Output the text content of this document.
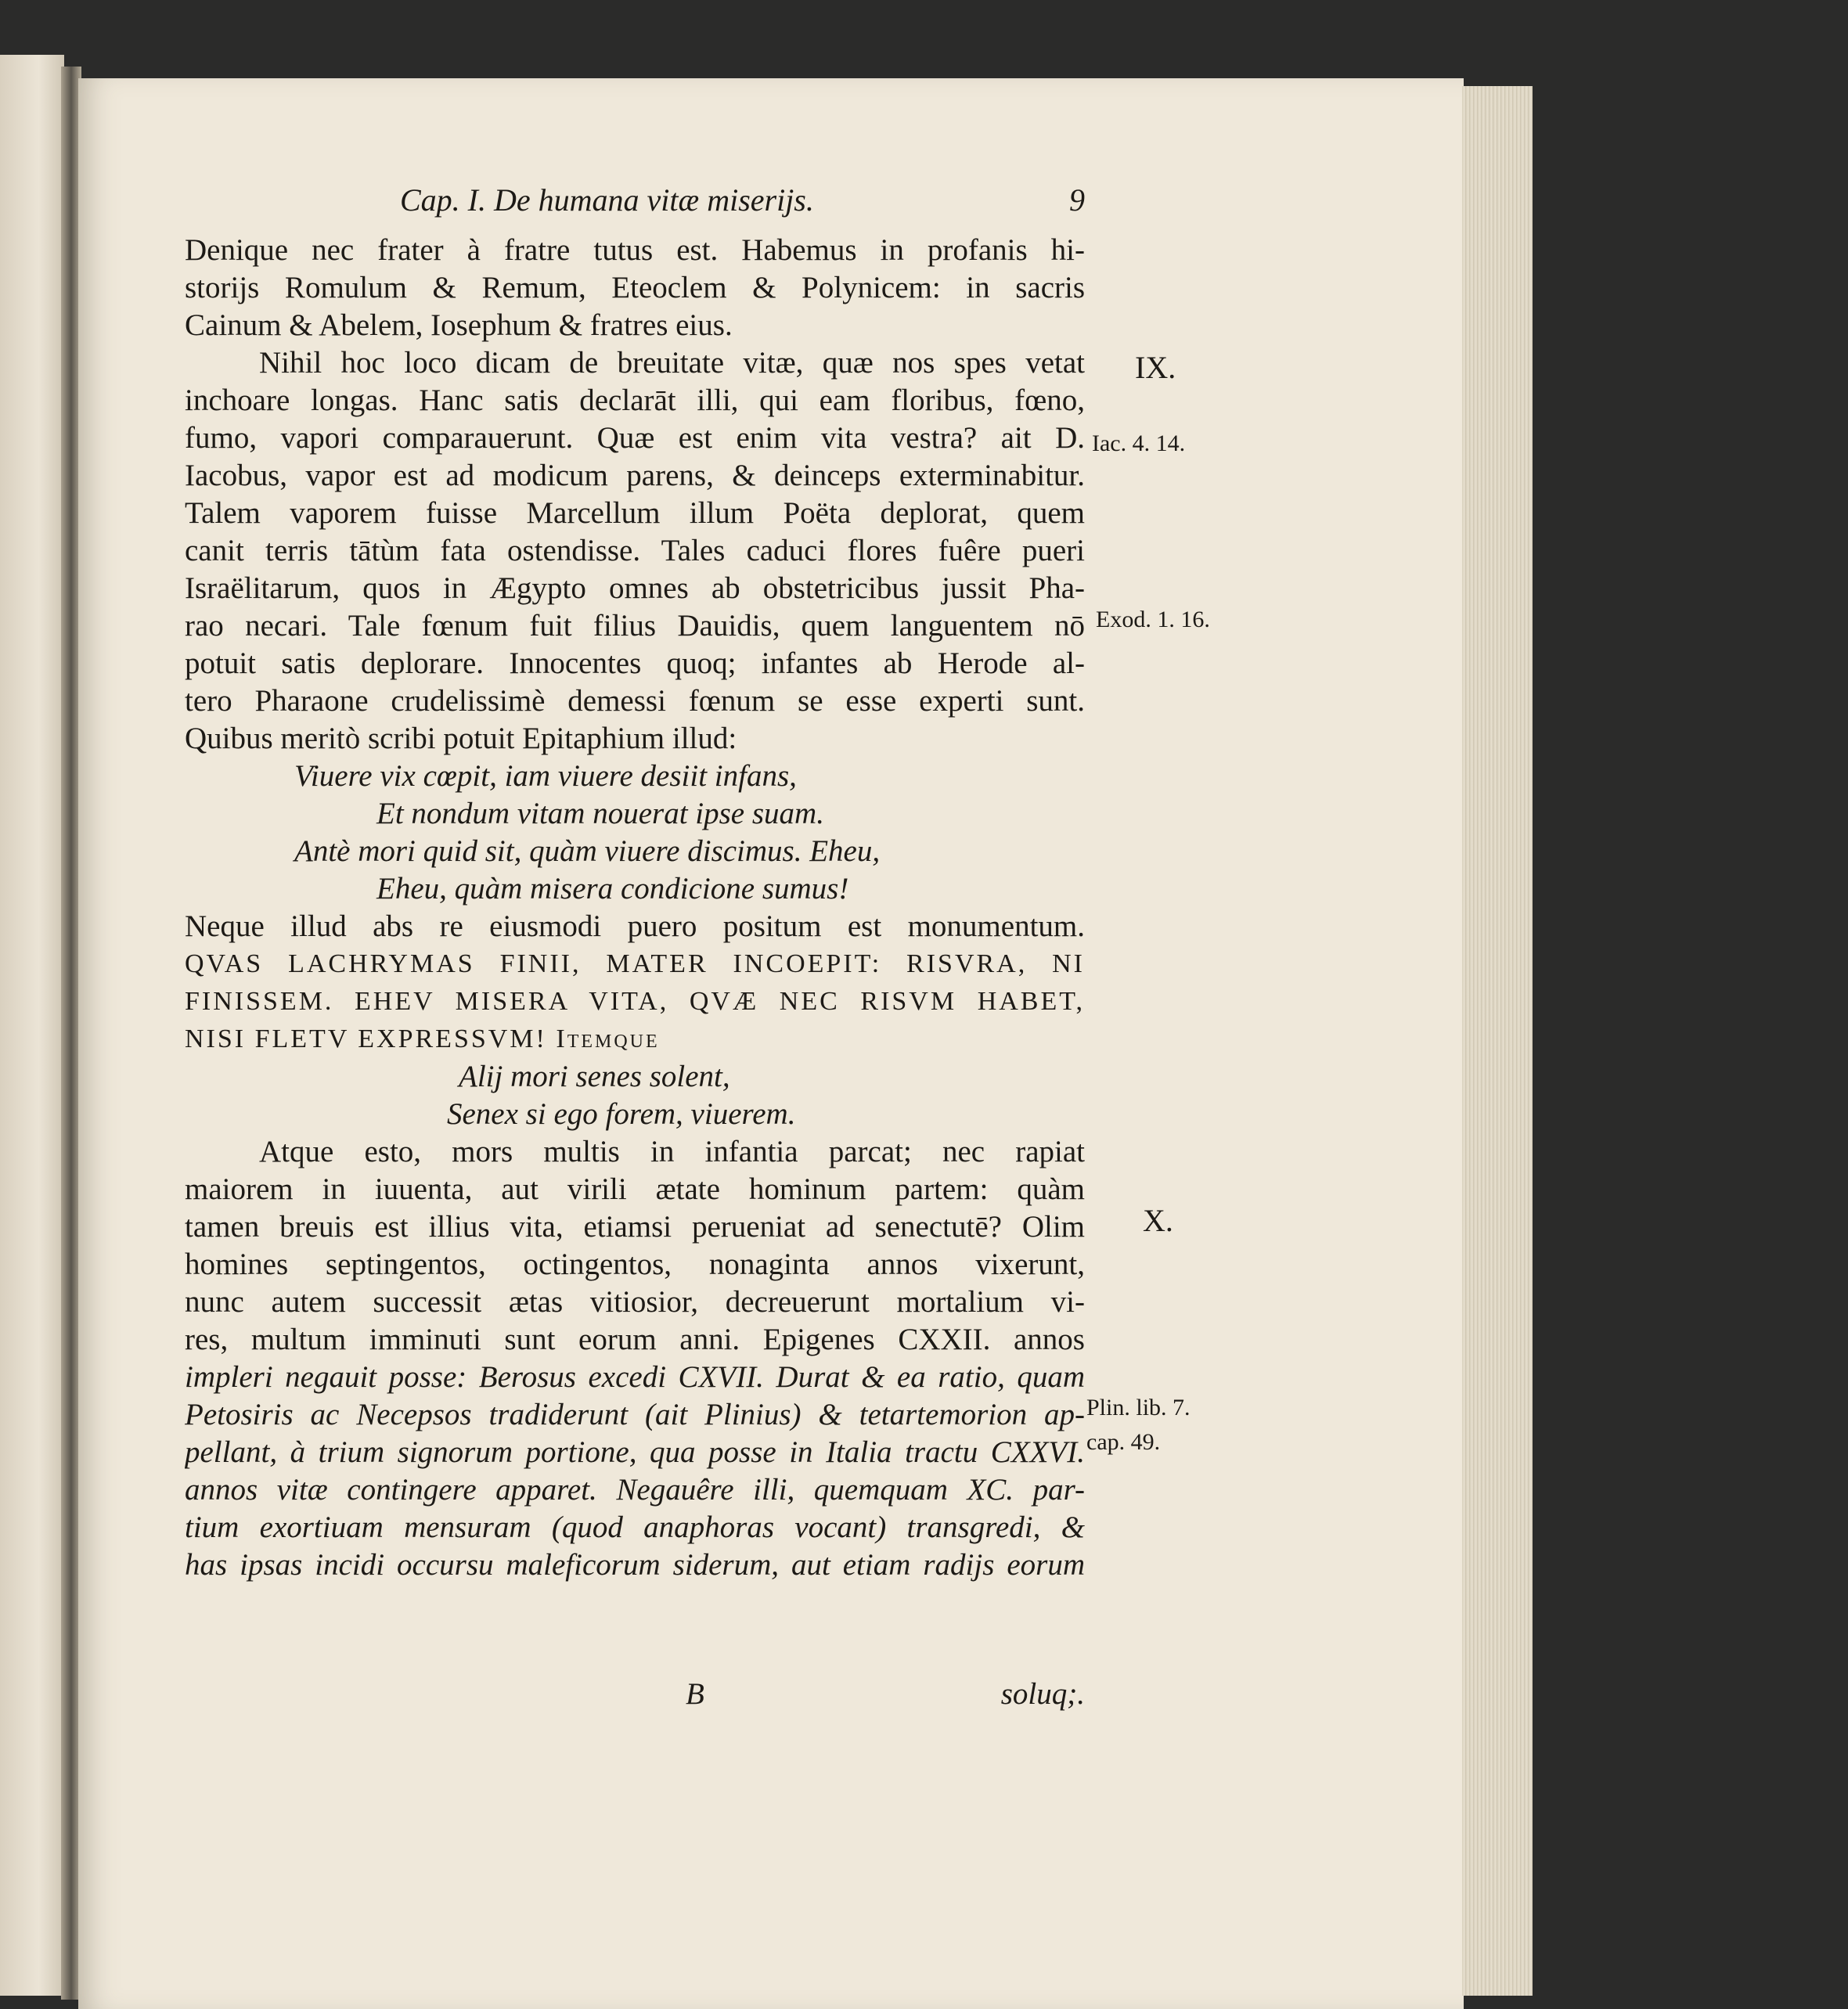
Cap. I. De humana vitæ miserijs.	9
Denique nec frater à fratre tutus est. Habemus in profanis hi-
storijs Romulum & Remum, Eteoclem & Polynicem: in sacris
Cainum & Abelem, Iosephum & fratres eius.
Nihil hoc loco dicam de breuitate vitæ, quæ nos spes vetat
inchoare longas. Hanc satis declarāt illi, qui eam floribus, fœno,
fumo, vapori comparauerunt. Quæ est enim vita vestra? ait D.
Iacobus, vapor est ad modicum parens, & deinceps exterminabitur.
Talem vaporem fuisse Marcellum illum Poëta deplorat, quem
canit terris tātùm fata ostendisse. Tales caduci flores fuêre pueri
Israëlitarum, quos in Ægypto omnes ab obstetricibus jussit Pha-
rao necari. Tale fœnum fuit filius Dauidis, quem languentem nō
potuit satis deplorare. Innocentes quoq; infantes ab Herode al-
tero Pharaone crudelissimè demessi fœnum se esse experti sunt.
Quibus meritò scribi potuit Epitaphium illud:
Viuere vix cœpit, iam viuere desiit infans,
Et nondum vitam nouerat ipse suam.
Antè mori quid sit, quàm viuere discimus. Eheu,
Eheu, quàm misera condicione sumus!
Neque illud abs re eiusmodi puero positum est monumentum.
QVAS LACHRYMAS FINII, MATER INCOEPIT: RISVRA, NI
FINISSEM. EHEV MISERA VITA, QVÆ NEC RISVM HABET,
NISI FLETV EXPRESSVM! Itemque
Alij mori senes solent,
Senex si ego forem, viuerem.
Atque esto, mors multis in infantia parcat; nec rapiat
maiorem in iuuenta, aut virili ætate hominum partem: quàm
tamen breuis est illius vita, etiamsi perueniat ad senectutē? Olim
homines septingentos, octingentos, nonaginta annos vixerunt,
nunc autem successit ætas vitiosior, decreuerunt mortalium vi-
res, multum imminuti sunt eorum anni. Epigenes CXXII. annos
impleri negauit posse: Berosus excedi CXVII. Durat & ea ratio, quam
Petosiris ac Necepsos tradiderunt (ait Plinius) & tetartemorion ap-
pellant, à trium signorum portione, qua posse in Italia tractu CXXVI.
annos vitæ contingere apparet. Negauêre illi, quemquam XC. par-
tium exortiuam mensuram (quod anaphoras vocant) transgredi, &
has ipsas incidi occursu maleficorum siderum, aut etiam radijs eorum
IX.
Iac. 4. 14.
Exod. 1. 16.
X.
Plin. lib. 7.
cap. 49.
B	soluq;.
